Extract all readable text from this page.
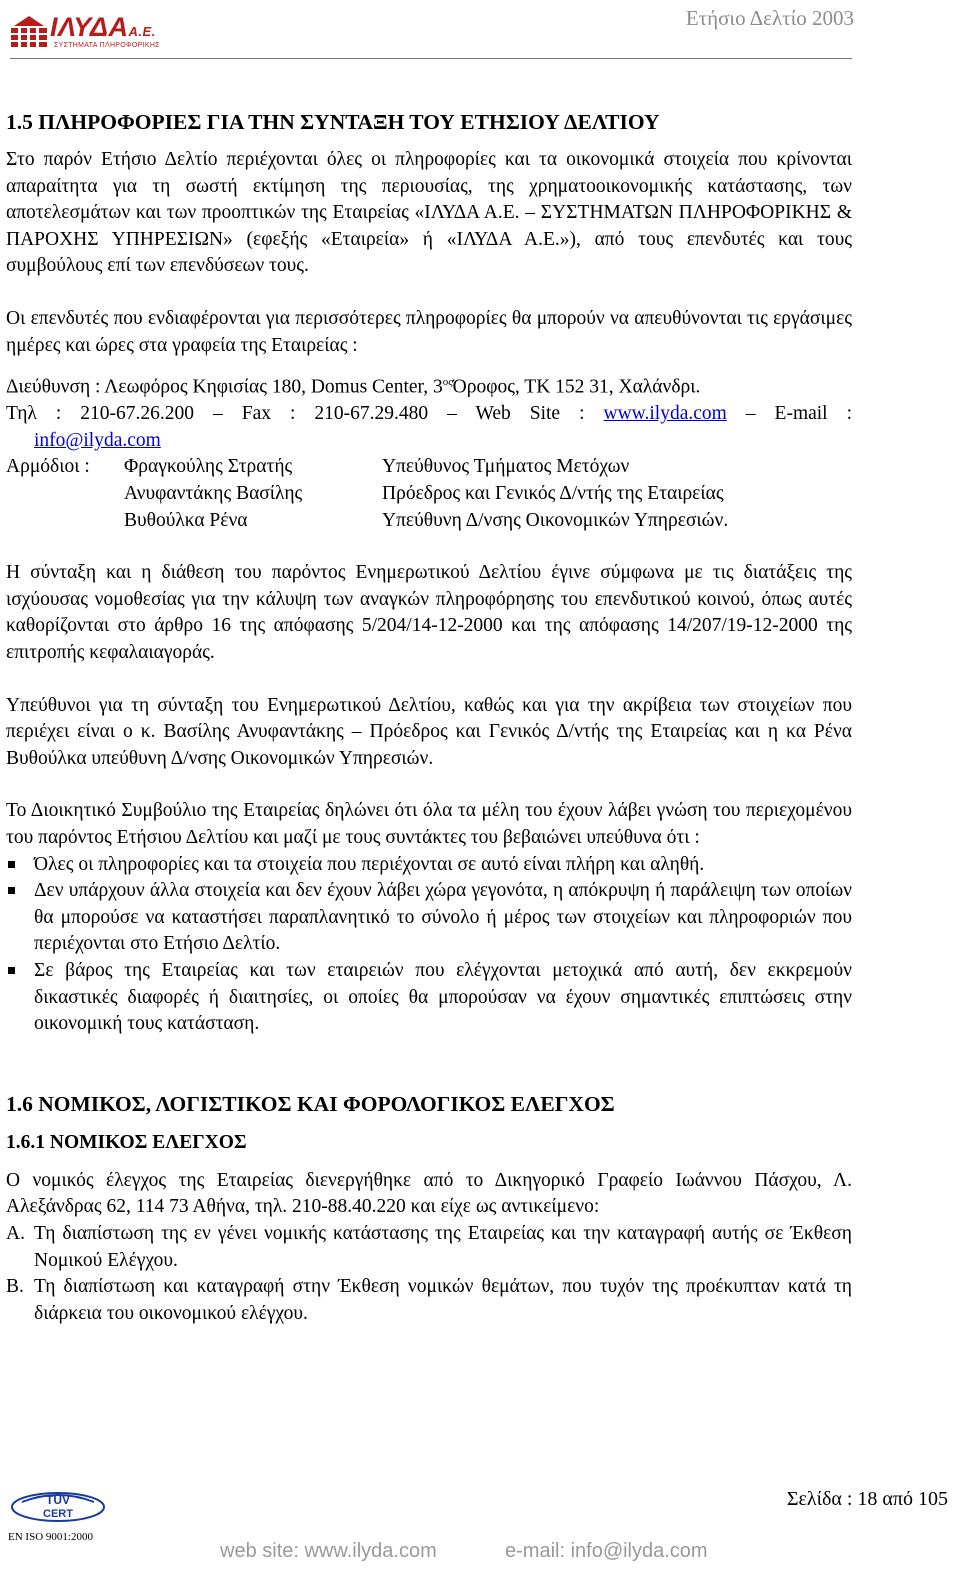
ΙΛΥΔΑΑ.Ε.
ΣΥΣΤΗΜΑΤΑ ΠΛΗΡΟΦΟΡΙΚΗΣ
Ετήσιο Δελτίο 2003
1.5 ΠΛΗΡΟΦΟΡΙΕΣ ΓΙΑ ΤΗΝ ΣΥΝΤΑΞΗ ΤΟΥ ΕΤΗΣΙΟΥ ΔΕΛΤΙΟΥ

Στο παρόν Ετήσιο Δελτίο περιέχονται όλες οι πληροφορίες και τα οικονομικά στοιχεία που κρίνονται απαραίτητα για τη σωστή εκτίμηση της περιουσίας, της χρηματοοικονομικής κατάστασης, των αποτελεσμάτων και των προοπτικών της Εταιρείας «ΙΛΥΔΑ Α.Ε. – ΣΥΣΤΗΜΑΤΩΝ ΠΛΗΡΟΦΟΡΙΚΗΣ & ΠΑΡΟΧΗΣ ΥΠΗΡΕΣΙΩΝ» (εφεξής «Εταιρεία» ή «ΙΛΥΔΑ Α.Ε.»), από τους επενδυτές και τους συμβούλους επί των επενδύσεων τους.

Οι επενδυτές που ενδιαφέρονται για περισσότερες πληροφορίες θα μπορούν να απευθύνονται τις εργάσιμες ημέρες και ώρες στα γραφεία της Εταιρείας :

Διεύθυνση : Λεωφόρος Κηφισίας 180, Domus Center, $3^{o\varsigma}Ό\rho o\varphi o\varsigma$, ΤΚ 152 31, Χαλάνδρι.

Τηλ : 210-67.26.200 – Fax : 210-67.29.480 – Web Site : www.ilyda.com – E-mail :

info@ilyda.com

Αρμόδιοι :	Φραγκούλης Στρατής	Υπεύθυνος Τμήματος Μετόχων
Ανυφαντάκης Βασίλης	Πρόεδρος και Γενικός Δ/ντής της Εταιρείας
Βυθούλκα Ρένα	Υπεύθυνη Δ/νσης Οικονομικών Υπηρεσιών.

Η σύνταξη και η διάθεση του παρόντος Ενημερωτικού Δελτίου έγινε σύμφωνα με τις διατάξεις της ισχύουσας νομοθεσίας για την κάλυψη των αναγκών πληροφόρησης του επενδυτικού κοινού, όπως αυτές καθορίζονται στο άρθρο 16 της απόφασης 5/204/14-12-2000 και της απόφασης 14/207/19-12-2000 της επιτροπής κεφαλαιαγοράς.

Υπεύθυνοι για τη σύνταξη του Ενημερωτικού Δελτίου, καθώς και για την ακρίβεια των στοιχείων που περιέχει είναι ο κ. Βασίλης Ανυφαντάκης – Πρόεδρος και Γενικός Δ/ντής της Εταιρείας και η κα Ρένα Βυθούλκα υπεύθυνη Δ/νσης Οικονομικών Υπηρεσιών.

Το Διοικητικό Συμβούλιο της Εταιρείας δηλώνει ότι όλα τα μέλη του έχουν λάβει γνώση του περιεχομένου του παρόντος Ετήσιου Δελτίου και μαζί με τους συντάκτες του βεβαιώνει υπεύθυνα ότι :

Όλες οι πληροφορίες και τα στοιχεία που περιέχονται σε αυτό είναι πλήρη και αληθή.
Δεν υπάρχουν άλλα στοιχεία και δεν έχουν λάβει χώρα γεγονότα, η απόκρυψη ή παράλειψη των οποίων θα μπορούσε να καταστήσει παραπλανητικό το σύνολο ή μέρος των στοιχείων και πληροφοριών που περιέχονται στο Ετήσιο Δελτίο.
Σε βάρος της Εταιρείας και των εταιρειών που ελέγχονται μετοχικά από αυτή, δεν εκκρεμούν δικαστικές διαφορές ή διαιτησίες, οι οποίες θα μπορούσαν να έχουν σημαντικές επιπτώσεις στην οικονομική τους κατάσταση.
1.6 ΝΟΜΙΚΟΣ, ΛΟΓΙΣΤΙΚΟΣ ΚΑΙ ΦΟΡΟΛΟΓΙΚΟΣ ΕΛΕΓΧΟΣ
1.6.1 ΝΟΜΙΚΟΣ ΕΛΕΓΧΟΣ

Ο νομικός έλεγχος της Εταιρείας διενεργήθηκε από το Δικηγορικό Γραφείο Ιωάννου Πάσχου, Λ. Αλεξάνδρας 62, 114 73 Αθήνα, τηλ. 210-88.40.220 και είχε ως αντικείμενο:

Α. Τη διαπίστωση της εν γένει νομικής κατάστασης της Εταιρείας και την καταγραφή αυτής σε Έκθεση Νομικού Ελέγχου.
Β. Τη διαπίστωση και καταγραφή στην Έκθεση νομικών θεμάτων, που τυχόν της προέκυπταν κατά τη διάρκεια του οικονομικού ελέγχου.
TÜV
CERT
EN ISO 9001:2000
Σελίδα : 18 από 105
web site: www.ilyda.com	e-mail: info@ilyda.com
